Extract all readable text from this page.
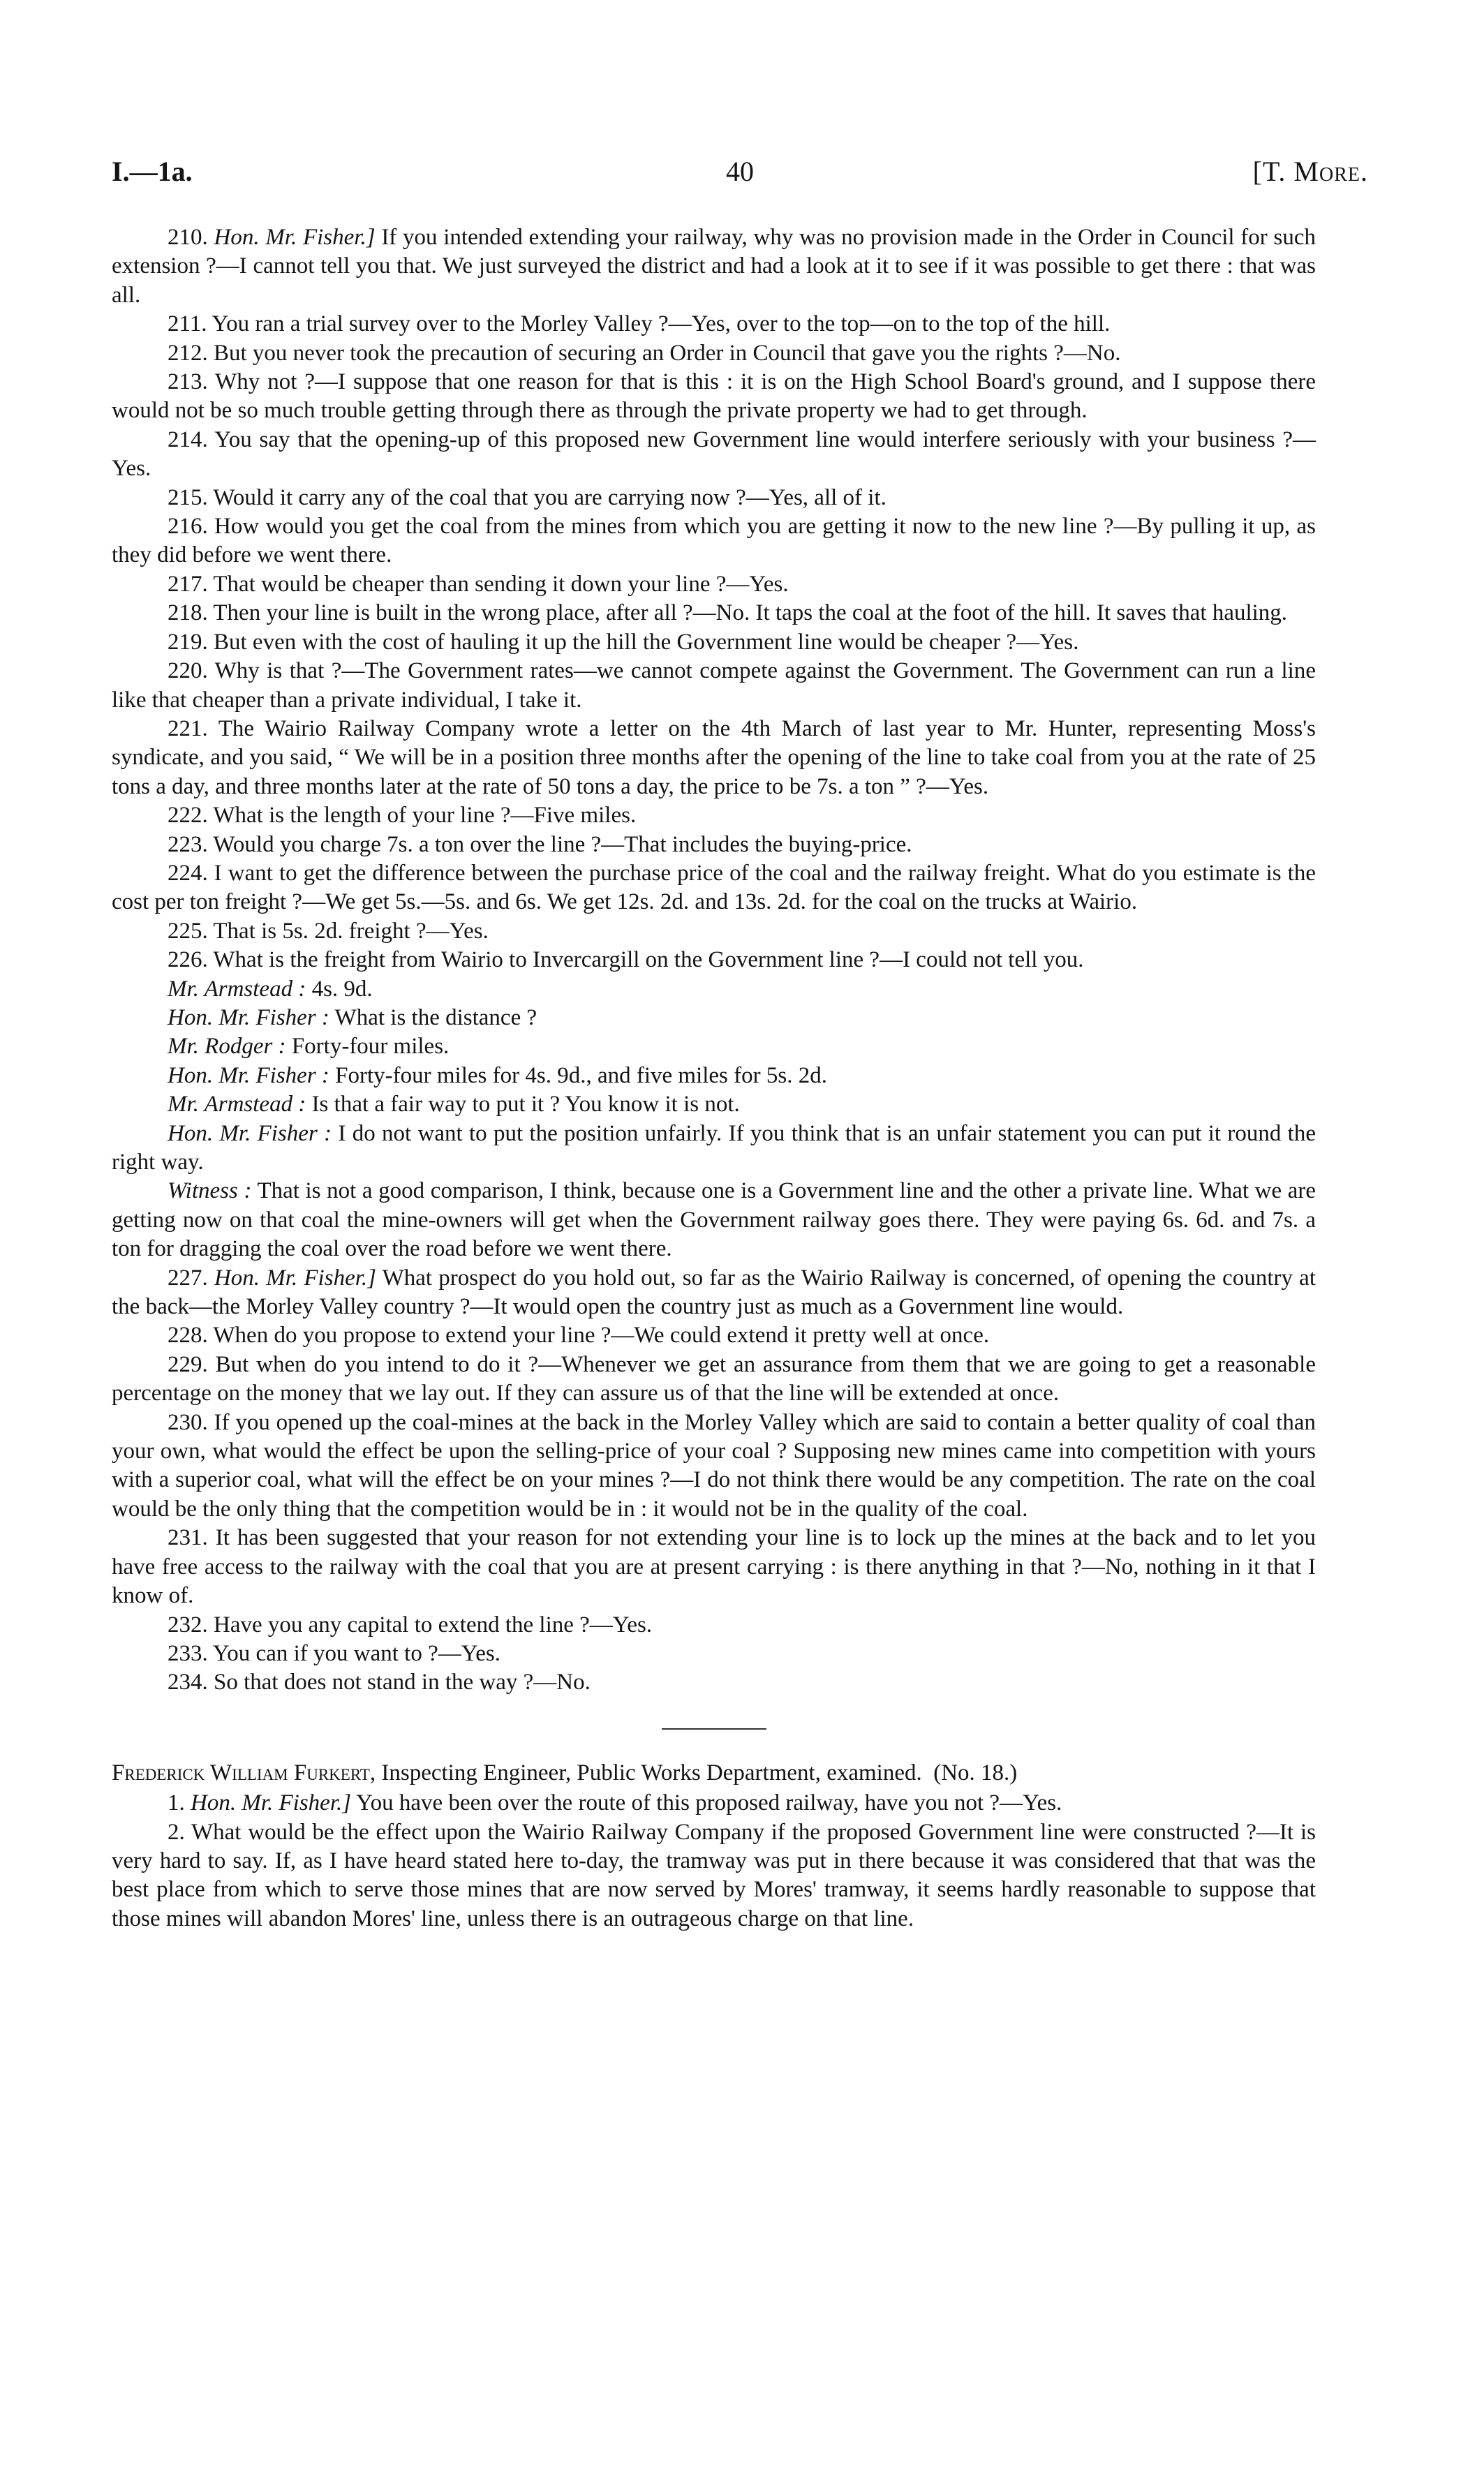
I.—1a.	40	[T. More.

210. Hon. Mr. Fisher.] If you intended extending your railway, why was no provision made in the Order in Council for such extension ?—I cannot tell you that. We just surveyed the district and had a look at it to see if it was possible to get there : that was all.

211. You ran a trial survey over to the Morley Valley ?—Yes, over to the top—on to the top of the hill.

212. But you never took the precaution of securing an Order in Council that gave you the rights ?—No.

213. Why not ?—I suppose that one reason for that is this : it is on the High School Board's ground, and I suppose there would not be so much trouble getting through there as through the private property we had to get through.

214. You say that the opening-up of this proposed new Government line would interfere seriously with your business ?—Yes.

215. Would it carry any of the coal that you are carrying now ?—Yes, all of it.

216. How would you get the coal from the mines from which you are getting it now to the new line ?—By pulling it up, as they did before we went there.

217. That would be cheaper than sending it down your line ?—Yes.

218. Then your line is built in the wrong place, after all ?—No. It taps the coal at the foot of the hill. It saves that hauling.

219. But even with the cost of hauling it up the hill the Government line would be cheaper ?—Yes.

220. Why is that ?—The Government rates—we cannot compete against the Government. The Government can run a line like that cheaper than a private individual, I take it.

221. The Wairio Railway Company wrote a letter on the 4th March of last year to Mr. Hunter, representing Moss's syndicate, and you said, “ We will be in a position three months after the opening of the line to take coal from you at the rate of 25 tons a day, and three months later at the rate of 50 tons a day, the price to be 7s. a ton ” ?—Yes.

222. What is the length of your line ?—Five miles.

223. Would you charge 7s. a ton over the line ?—That includes the buying-price.

224. I want to get the difference between the purchase price of the coal and the railway freight. What do you estimate is the cost per ton freight ?—We get 5s.—5s. and 6s. We get 12s. 2d. and 13s. 2d. for the coal on the trucks at Wairio.

225. That is 5s. 2d. freight ?—Yes.

226. What is the freight from Wairio to Invercargill on the Government line ?—I could not tell you.

Mr. Armstead : 4s. 9d.

Hon. Mr. Fisher : What is the distance ?

Mr. Rodger : Forty-four miles.

Hon. Mr. Fisher : Forty-four miles for 4s. 9d., and five miles for 5s. 2d.

Mr. Armstead : Is that a fair way to put it ? You know it is not.

Hon. Mr. Fisher : I do not want to put the position unfairly. If you think that is an unfair statement you can put it round the right way.

Witness : That is not a good comparison, I think, because one is a Government line and the other a private line. What we are getting now on that coal the mine-owners will get when the Government railway goes there. They were paying 6s. 6d. and 7s. a ton for dragging the coal over the road before we went there.

227. Hon. Mr. Fisher.] What prospect do you hold out, so far as the Wairio Railway is concerned, of opening the country at the back—the Morley Valley country ?—It would open the country just as much as a Government line would.

228. When do you propose to extend your line ?—We could extend it pretty well at once.

229. But when do you intend to do it ?—Whenever we get an assurance from them that we are going to get a reasonable percentage on the money that we lay out. If they can assure us of that the line will be extended at once.

230. If you opened up the coal-mines at the back in the Morley Valley which are said to contain a better quality of coal than your own, what would the effect be upon the selling-price of your coal ? Supposing new mines came into competition with yours with a superior coal, what will the effect be on your mines ?—I do not think there would be any competition. The rate on the coal would be the only thing that the competition would be in : it would not be in the quality of the coal.

231. It has been suggested that your reason for not extending your line is to lock up the mines at the back and to let you have free access to the railway with the coal that you are at present carrying : is there anything in that ?—No, nothing in it that I know of.

232. Have you any capital to extend the line ?—Yes.

233. You can if you want to ?—Yes.

234. So that does not stand in the way ?—No.

Frederick William Furkert, Inspecting Engineer, Public Works Department, examined. (No. 18.)

1. Hon. Mr. Fisher.] You have been over the route of this proposed railway, have you not ?—Yes.

2. What would be the effect upon the Wairio Railway Company if the proposed Government line were constructed ?—It is very hard to say. If, as I have heard stated here to-day, the tramway was put in there because it was considered that that was the best place from which to serve those mines that are now served by Mores' tramway, it seems hardly reasonable to suppose that those mines will abandon Mores' line, unless there is an outrageous charge on that line.
